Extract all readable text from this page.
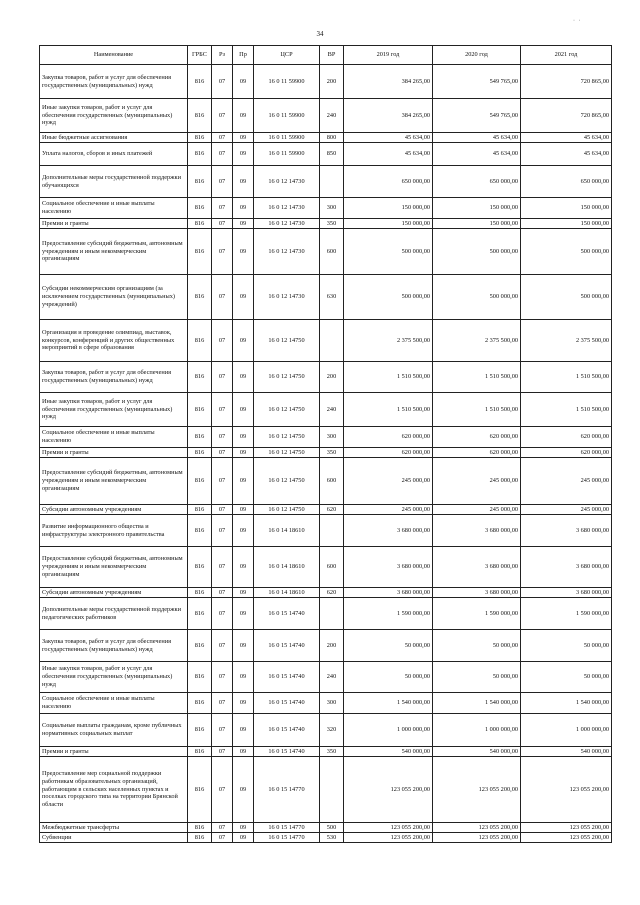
34
· ·
Наименование	ГРБС	Рз	Пр	ЦСР	ВР	2019 год	2020 год	2021 год
Закупка товаров, работ и услуг для обеспечения государственных (муниципальных) нужд	816	07	09	16 0 11 59900	200	384 265,00	549 765,00	720 865,00
Иные закупки товаров, работ и услуг для обеспечения государственных (муниципальных) нужд	816	07	09	16 0 11 59900	240	384 265,00	549 765,00	720 865,00
Иные бюджетные ассигнования	816	07	09	16 0 11 59900	800	45 634,00	45 634,00	45 634,00
Уплата налогов, сборов и иных платежей	816	07	09	16 0 11 59900	850	45 634,00	45 634,00	45 634,00
Дополнительные меры государственной поддержки обучающихся	816	07	09	16 0 12 14730		650 000,00	650 000,00	650 000,00
Социальное обеспечение и иные выплаты населению	816	07	09	16 0 12 14730	300	150 000,00	150 000,00	150 000,00
Премии и гранты	816	07	09	16 0 12 14730	350	150 000,00	150 000,00	150 000,00
Предоставление субсидий бюджетным, автономным учреждениям и иным некоммерческим организациям	816	07	09	16 0 12 14730	600	500 000,00	500 000,00	500 000,00
Субсидии некоммерческим организациям (за исключением государственных (муниципальных) учреждений)	816	07	09	16 0 12 14730	630	500 000,00	500 000,00	500 000,00
Организация и проведение олимпиад, выставок, конкурсов, конференций и других общественных мероприятий в сфере образования	816	07	09	16 0 12 14750		2 375 500,00	2 375 500,00	2 375 500,00
Закупка товаров, работ и услуг для обеспечения государственных (муниципальных) нужд	816	07	09	16 0 12 14750	200	1 510 500,00	1 510 500,00	1 510 500,00
Иные закупки товаров, работ и услуг для обеспечения государственных (муниципальных) нужд	816	07	09	16 0 12 14750	240	1 510 500,00	1 510 500,00	1 510 500,00
Социальное обеспечение и иные выплаты населению	816	07	09	16 0 12 14750	300	620 000,00	620 000,00	620 000,00
Премии и гранты	816	07	09	16 0 12 14750	350	620 000,00	620 000,00	620 000,00
Предоставление субсидий бюджетным, автономным учреждениям и иным некоммерческим организациям	816	07	09	16 0 12 14750	600	245 000,00	245 000,00	245 000,00
Субсидии автономным учреждениям	816	07	09	16 0 12 14750	620	245 000,00	245 000,00	245 000,00
Развитие информационного общества и инфраструктуры электронного правительства	816	07	09	16 0 14 18610		3 680 000,00	3 680 000,00	3 680 000,00
Предоставление субсидий бюджетным, автономным учреждениям и иным некоммерческим организациям	816	07	09	16 0 14 18610	600	3 680 000,00	3 680 000,00	3 680 000,00
Субсидии автономным учреждениям	816	07	09	16 0 14 18610	620	3 680 000,00	3 680 000,00	3 680 000,00
Дополнительные меры государственной поддержки педагогических работников	816	07	09	16 0 15 14740		1 590 000,00	1 590 000,00	1 590 000,00
Закупка товаров, работ и услуг для обеспечения государственных (муниципальных) нужд	816	07	09	16 0 15 14740	200	50 000,00	50 000,00	50 000,00
Иные закупки товаров, работ и услуг для обеспечения государственных (муниципальных) нужд	816	07	09	16 0 15 14740	240	50 000,00	50 000,00	50 000,00
Социальное обеспечение и иные выплаты населению	816	07	09	16 0 15 14740	300	1 540 000,00	1 540 000,00	1 540 000,00
Социальные выплаты гражданам, кроме публичных нормативных социальных выплат	816	07	09	16 0 15 14740	320	1 000 000,00	1 000 000,00	1 000 000,00
Премии и гранты	816	07	09	16 0 15 14740	350	540 000,00	540 000,00	540 000,00
Предоставление мер социальной поддержки работникам образовательных организаций, работающим в сельских населенных пунктах и поселках городского типа на территории Брянской области	816	07	09	16 0 15 14770		123 055 200,00	123 055 200,00	123 055 200,00
Межбюджетные трансферты	816	07	09	16 0 15 14770	500	123 055 200,00	123 055 200,00	123 055 200,00
Субвенции	816	07	09	16 0 15 14770	530	123 055 200,00	123 055 200,00	123 055 200,00
